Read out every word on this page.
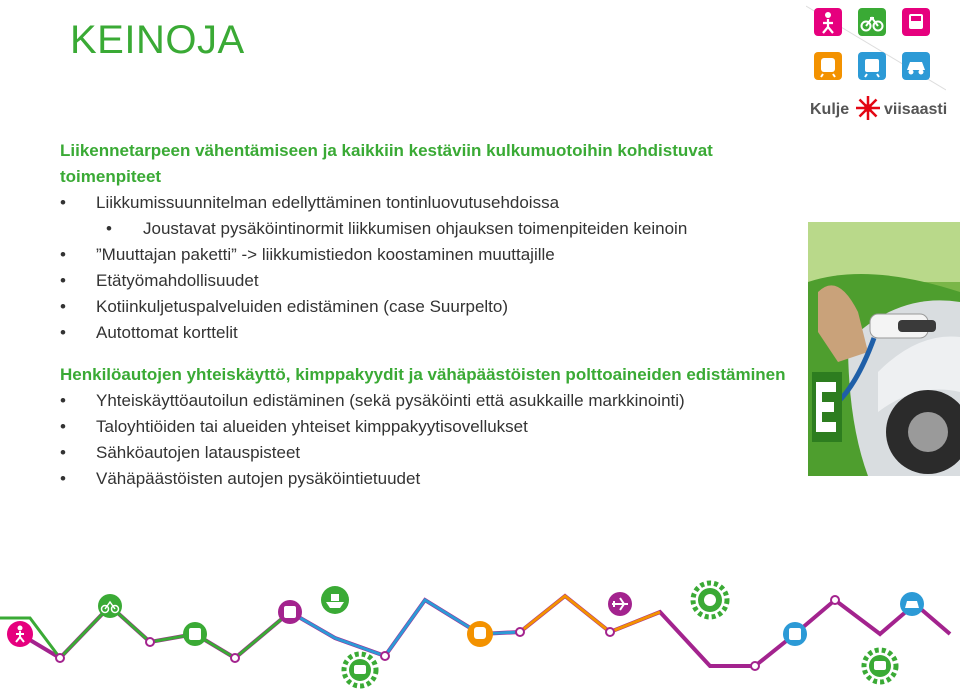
KEINOJA
Kulje viisaasti
Liikennetarpeen vähentämiseen ja kaikkiin kestäviin kulkumuotoihin kohdistuvat toimenpiteet
• Liikkumissuunnitelman edellyttäminen tontinluovutusehdoissa
• Joustavat pysäköintinormit liikkumisen ohjauksen toimenpiteiden keinoin
• ”Muuttajan paketti” -> liikkumistiedon koostaminen muuttajille
• Etätyömahdollisuudet
• Kotiinkuljetuspalveluiden edistäminen (case Suurpelto)
• Autottomat korttelit
Henkilöautojen yhteiskäyttö, kimppakyydit ja vähäpäästöisten polttoaineiden edistäminen
• Yhteiskäyttöautoilun edistäminen (sekä pysäköinti että asukkaille markkinointi)
• Taloyhtiöiden tai alueiden yhteiset kimppakyytisovellukset
• Sähköautojen latauspisteet
• Vähäpäästöisten autojen pysäköintietuudet
